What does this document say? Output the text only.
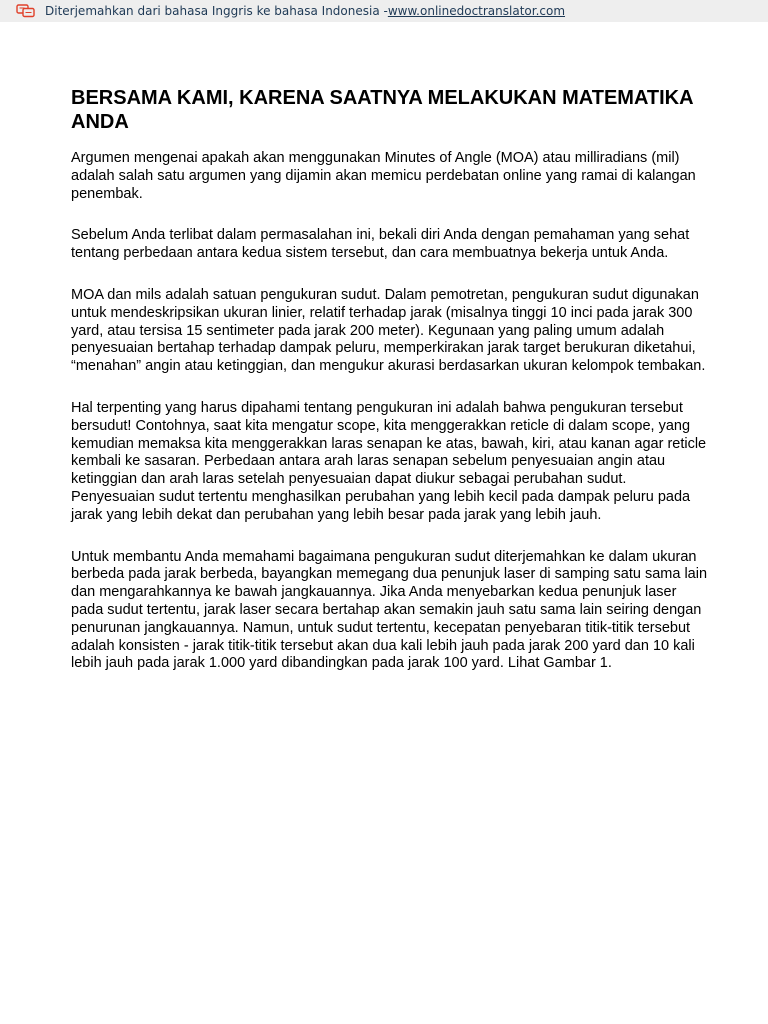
Diterjemahkan dari bahasa Inggris ke bahasa Indonesia - www.onlinedoctranslator.com
BERSAMA KAMI, KARENA SAATNYA MELAKUKAN MATEMATIKA ANDA

Argumen mengenai apakah akan menggunakan Minutes of Angle (MOA) atau milliradians (mil) adalah salah satu argumen yang dijamin akan memicu perdebatan online yang ramai di kalangan penembak.

Sebelum Anda terlibat dalam permasalahan ini, bekali diri Anda dengan pemahaman yang sehat tentang perbedaan antara kedua sistem tersebut, dan cara membuatnya bekerja untuk Anda.

MOA dan mils adalah satuan pengukuran sudut. Dalam pemotretan, pengukuran sudut digunakan untuk mendeskripsikan ukuran linier, relatif terhadap jarak (misalnya tinggi 10 inci pada jarak 300 yard, atau tersisa 15 sentimeter pada jarak 200 meter). Kegunaan yang paling umum adalah penyesuaian bertahap terhadap dampak peluru, memperkirakan jarak target berukuran diketahui, “menahan” angin atau ketinggian, dan mengukur akurasi berdasarkan ukuran kelompok tembakan.

Hal terpenting yang harus dipahami tentang pengukuran ini adalah bahwa pengukuran tersebut bersudut! Contohnya, saat kita mengatur scope, kita menggerakkan reticle di dalam scope, yang kemudian memaksa kita menggerakkan laras senapan ke atas, bawah, kiri, atau kanan agar reticle kembali ke sasaran. Perbedaan antara arah laras senapan sebelum penyesuaian angin atau ketinggian dan arah laras setelah penyesuaian dapat diukur sebagai perubahan sudut. Penyesuaian sudut tertentu menghasilkan perubahan yang lebih kecil pada dampak peluru pada jarak yang lebih dekat dan perubahan yang lebih besar pada jarak yang lebih jauh.

Untuk membantu Anda memahami bagaimana pengukuran sudut diterjemahkan ke dalam ukuran berbeda pada jarak berbeda, bayangkan memegang dua penunjuk laser di samping satu sama lain dan mengarahkannya ke bawah jangkauannya. Jika Anda menyebarkan kedua penunjuk laser pada sudut tertentu, jarak laser secara bertahap akan semakin jauh satu sama lain seiring dengan penurunan jangkauannya. Namun, untuk sudut tertentu, kecepatan penyebaran titik-titik tersebut adalah konsisten - jarak titik-titik tersebut akan dua kali lebih jauh pada jarak 200 yard dan 10 kali lebih jauh pada jarak 1.000 yard dibandingkan pada jarak 100 yard. Lihat Gambar 1.
